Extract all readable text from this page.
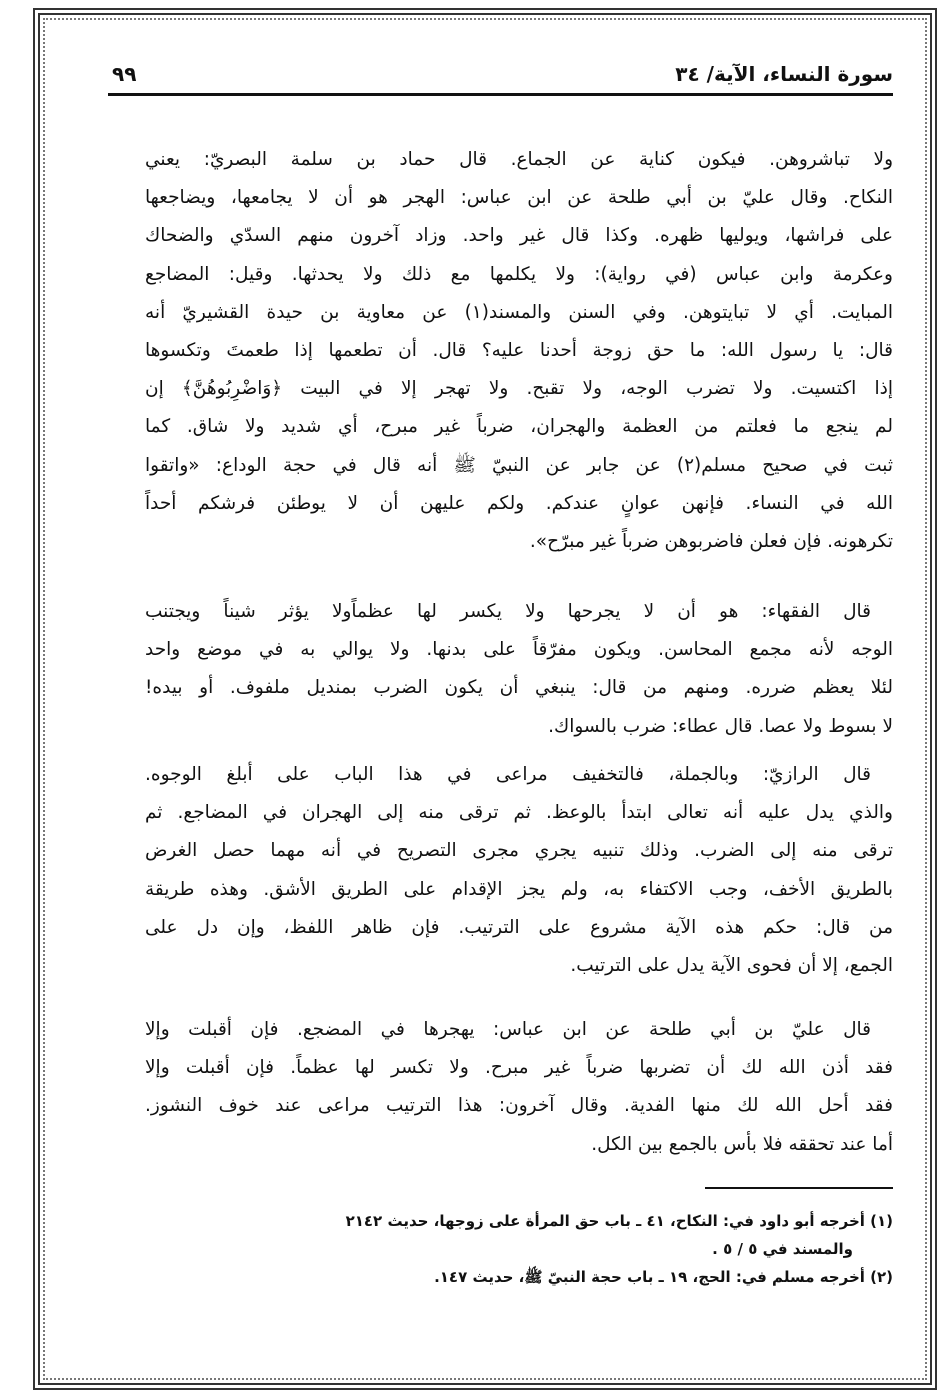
سورة النساء، الآية/ ٣٤
٩٩
ولا تباشروهن. فيكون كناية عن الجماع. قال حماد بن سلمة البصريّ: يعني
النكاح. وقال عليّ بن أبي طلحة عن ابن عباس: الهجر هو أن لا يجامعها، ويضاجعها
على فراشها، ويوليها ظهره. وكذا قال غير واحد. وزاد آخرون منهم السدّي والضحاك
وعكرمة وابن عباس (في رواية): ولا يكلمها مع ذلك ولا يحدثها. وقيل: المضاجع
المبايت. أي لا تبايتوهن. وفي السنن والمسند(١) عن معاوية بن حيدة القشيريّ أنه
قال: يا رسول الله: ما حق زوجة أحدنا عليه؟ قال. أن تطعمها إذا طعمتَ وتكسوها
إذا اكتسيت. ولا تضرب الوجه، ولا تقبح. ولا تهجر إلا في البيت ﴿وَاضْرِبُوهُنَّ﴾ إن
لم ينجع ما فعلتم من العظمة والهجران، ضرباً غير مبرح، أي شديد ولا شاق. كما
ثبت في صحيح مسلم(٢) عن جابر عن النبيّ ﷺ أنه قال في حجة الوداع: «واتقوا
الله في النساء. فإنهن عوانٍ عندكم. ولكم عليهن أن لا يوطئن فرشكم أحداً
تكرهونه. فإن فعلن فاضربوهن ضرباً غير مبرّح».
قال الفقهاء: هو أن لا يجرحها ولا يكسر لها عظماًولا يؤثر شيناً ويجتنب
الوجه لأنه مجمع المحاسن. ويكون مفرّقاً على بدنها. ولا يوالي به في موضع واحد
لئلا يعظم ضرره. ومنهم من قال: ينبغي أن يكون الضرب بمنديل ملفوف. أو بيده!
لا بسوط ولا عصا. قال عطاء: ضرب بالسواك.
قال الرازيّ: وبالجملة، فالتخفيف مراعى في هذا الباب على أبلغ الوجوه.
والذي يدل عليه أنه تعالى ابتدأ بالوعظ. ثم ترقى منه إلى الهجران في المضاجع. ثم
ترقى منه إلى الضرب. وذلك تنبيه يجري مجرى التصريح في أنه مهما حصل الغرض
بالطريق الأخف، وجب الاكتفاء به، ولم يجز الإقدام على الطريق الأشق. وهذه طريقة
من قال: حكم هذه الآية مشروع على الترتيب. فإن ظاهر اللفظ، وإن دل على
الجمع، إلا أن فحوى الآية يدل على الترتيب.
قال عليّ بن أبي طلحة عن ابن عباس: يهجرها في المضجع. فإن أقبلت وإلا
فقد أذن الله لك أن تضربها ضرباً غير مبرح. ولا تكسر لها عظماً. فإن أقبلت وإلا
فقد أحل الله لك منها الفدية. وقال آخرون: هذا الترتيب مراعى عند خوف النشوز.
أما عند تحققه فلا بأس بالجمع بين الكل.
(١) أخرجه أبو داود في: النكاح، ٤١ ـ باب حق المرأة على زوجها، حديث ٢١٤٢
والمسند في ٥ / ٥ .
(٢) أخرجه مسلم في: الحج، ١٩ ـ باب حجة النبيّ ﷺ، حديث ١٤٧.
